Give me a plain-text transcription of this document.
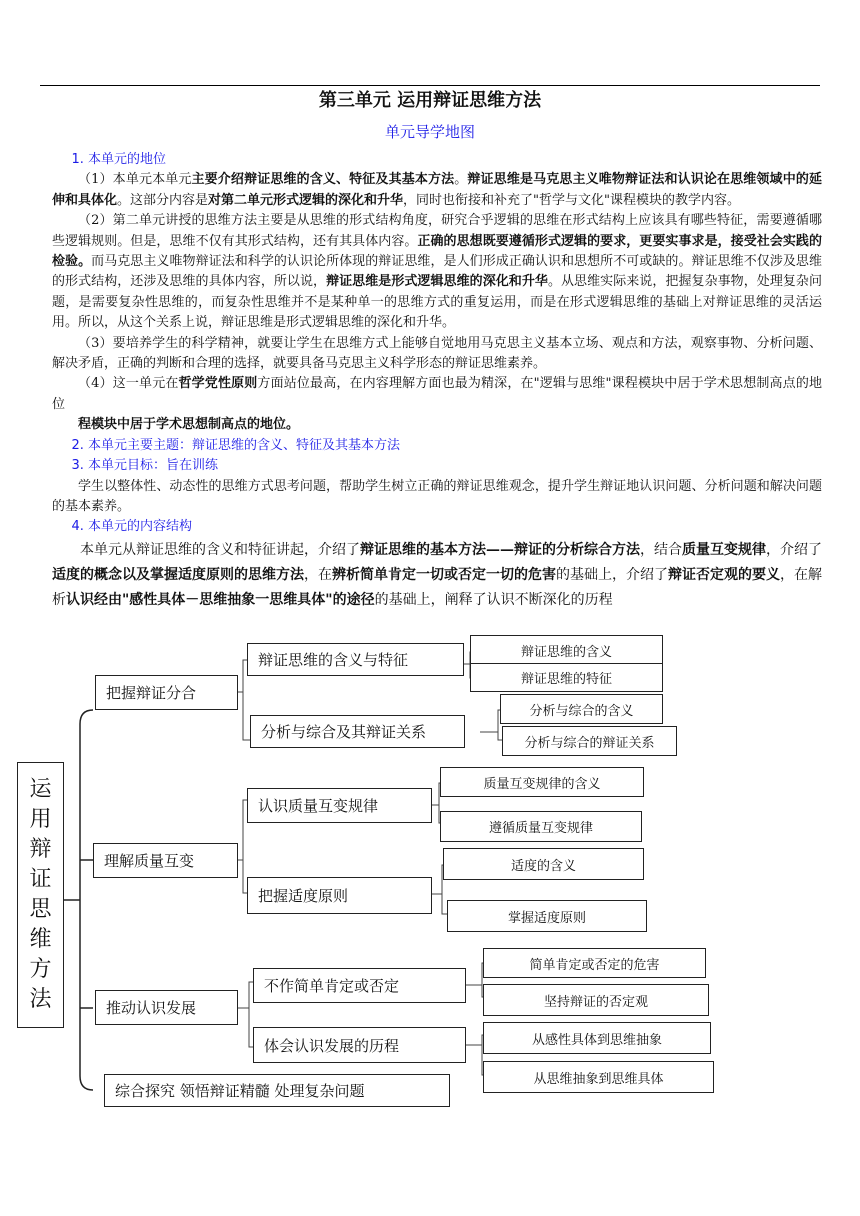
第三单元 运用辩证思维方法
单元导学地图

1. 本单元的地位

（1）本单元本单元主要介绍辩证思维的含义、特征及其基本方法。辩证思维是马克思主义唯物辩证法和认识论在思维领域中的延伸和具体化。这部分内容是对第二单元形式逻辑的深化和升华，同时也衔接和补充了"哲学与文化"课程模块的教学内容。

（2）第二单元讲授的思维方法主要是从思维的形式结构角度，研究合乎逻辑的思维在形式结构上应该具有哪些特征，需要遵循哪些逻辑规则。但是，思维不仅有其形式结构，还有其具体内容。正确的思想既要遵循形式逻辑的要求，更要实事求是，接受社会实践的检验。而马克思主义唯物辩证法和科学的认识论所体现的辩证思维，是人们形成正确认识和思想所不可或缺的。辩证思维不仅涉及思维的形式结构，还涉及思维的具体内容，所以说，辩证思维是形式逻辑思维的深化和升华。从思维实际来说，把握复杂事物，处理复杂问题，是需要复杂性思维的，而复杂性思维并不是某种单一的思维方式的重复运用，而是在形式逻辑思维的基础上对辩证思维的灵活运用。所以，从这个关系上说，辩证思维是形式逻辑思维的深化和升华。

（3）要培养学生的科学精神，就要让学生在思维方式上能够自觉地用马克思主义基本立场、观点和方法，观察事物、分析问题、解决矛盾，正确的判断和合理的选择，就要具备马克思主义科学形态的辩证思维素养。

（4）这一单元在哲学党性原则方面站位最高，在内容理解方面也最为精深，在"逻辑与思维"课程模块中居于学术思想制高点的地位

程模块中居于学术思想制高点的地位。

2. 本单元主要主题：辩证思维的含义、特征及其基本方法

3. 本单元目标：旨在训练

学生以整体性、动态性的思维方式思考问题，帮助学生树立正确的辩证思维观念，提升学生辩证地认识问题、分析问题和解决问题的基本素养。

4. 本单元的内容结构

本单元从辩证思维的含义和特征讲起，介绍了辩证思维的基本方法——辩证的分析综合方法，结合质量互变规律，介绍了适度的概念以及掌握适度原则的思维方法，在辨析简单肯定一切或否定一切的危害的基础上，介绍了辩证否定观的要义，在解析认识经由"感性具体－思维抽象一思维具体"的途径的基础上，阐释了认识不断深化的历程

运用辩证思维方法
把握辩证分合
辩证思维的含义与特征	辩证思维的含义
辩证思维的特征
分析与综合及其辩证关系
分析与综合的含义
分析与综合的辩证关系
理解质量互变
认识质量互变规律
质量互变规律的含义
遵循质量互变规律
把握适度原则
适度的含义
掌握适度原则
推动认识发展
不作简单肯定或否定
简单肯定或否定的危害
坚持辩证的否定观
体会认识发展的历程	从感性具体到思维抽象
从思维抽象到思维具体
综合探究 领悟辩证精髓 处理复杂问题
